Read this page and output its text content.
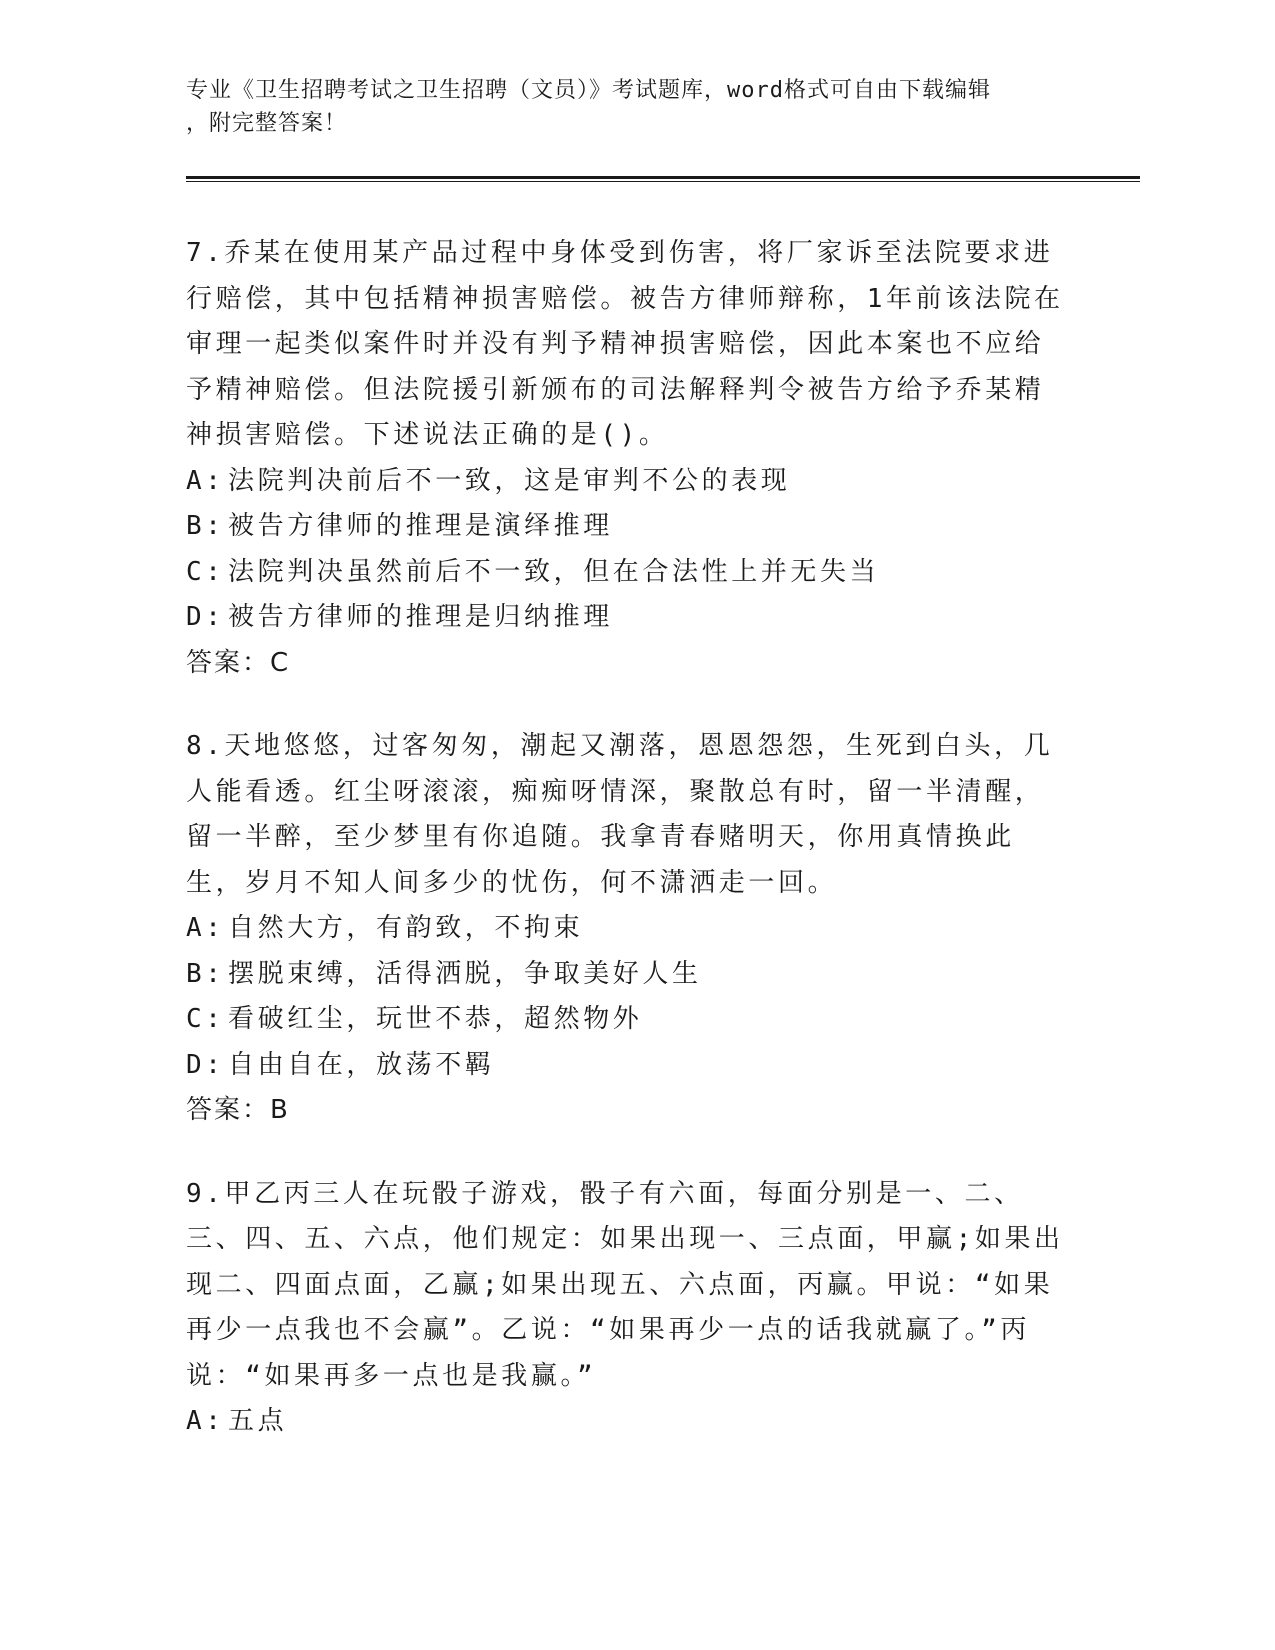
专业《卫生招聘考试之卫生招聘（文员）》考试题库，word格式可自由下载编辑
，附完整答案！

7.乔某在使用某产品过程中身体受到伤害，将厂家诉至法院要求进行赔偿，其中包括精神损害赔偿。被告方律师辩称，1年前该法院在审理一起类似案件时并没有判予精神损害赔偿，因此本案也不应给予精神赔偿。但法院援引新颁布的司法解释判令被告方给予乔某精神损害赔偿。下述说法正确的是()。

A: 法院判决前后不一致，这是审判不公的表现

B: 被告方律师的推理是演绎推理

C: 法院判决虽然前后不一致，但在合法性上并无失当

D: 被告方律师的推理是归纳推理

答案：C

8.天地悠悠，过客匆匆，潮起又潮落，恩恩怨怨，生死到白头，几人能看透。红尘呀滚滚，痴痴呀情深，聚散总有时，留一半清醒，留一半醉，至少梦里有你追随。我拿青春赌明天，你用真情换此生，岁月不知人间多少的忧伤，何不潇洒走一回。

A: 自然大方，有韵致，不拘束

B: 摆脱束缚，活得洒脱，争取美好人生

C: 看破红尘，玩世不恭，超然物外

D: 自由自在，放荡不羁

答案：B

9.甲乙丙三人在玩骰子游戏，骰子有六面，每面分别是一、二、三、四、五、六点，他们规定：如果出现一、三点面，甲赢;如果出现二、四面点面，乙赢;如果出现五、六点面，丙赢。甲说：“如果再少一点我也不会赢”。乙说：“如果再少一点的话我就赢了。”丙说：“如果再多一点也是我赢。”

A: 五点
